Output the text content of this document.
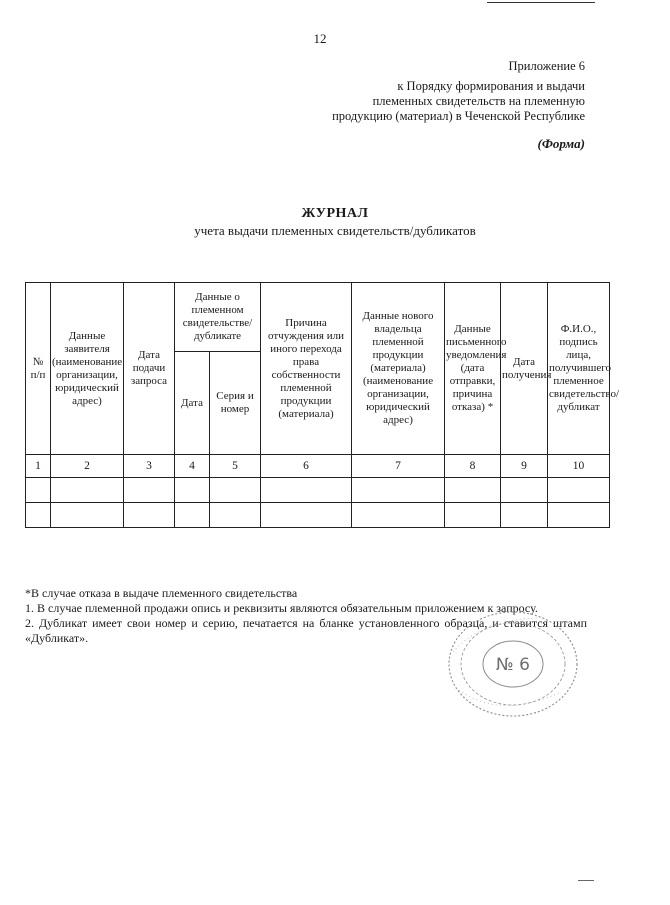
12
Приложение 6
к Порядку формирования и выдачи
племенных свидетельств на племенную
продукцию (материал) в Чеченской Республике
(Форма)
ЖУРНАЛ
учета выдачи племенных свидетельств/дубликатов
№ п/п	Данные заявителя (наименование организации, юридический адрес)	Дата подачи запроса	Данные о племенном свидетельстве/ дубликате		Причина отчуждения или иного перехода права собственности племенной продукции (материала)	Данные нового владельца племенной продукции (материала) (наименование организации, юридический адрес)	Данные письменного уведомления (дата отправки, причина отказа) *	Дата получения	Ф.И.О., подпись лица, получившего племенное свидетельство/дубликат
			Дата	Серия и номер					
1	2	3	4	5	6	7	8	9	10

*В случае отказа в выдаче племенного свидетельства

1. В случае племенной продажи опись и реквизиты являются обязательным приложением к запросу.

2. Дубликат имеет свои номер и серию, печатается на бланке установленного образца, и ставится штамп «Дубликат».

№ 6
